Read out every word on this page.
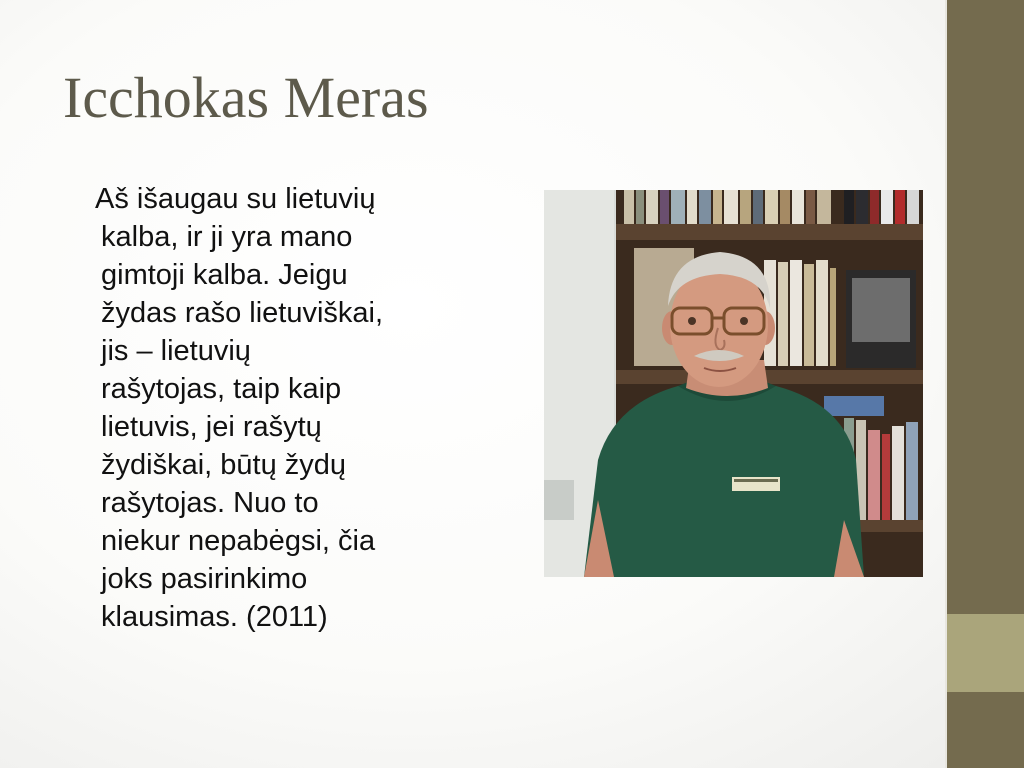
Icchokas Meras
Aš išaugau su lietuvių
kalba, ir ji yra mano
gimtoji kalba. Jeigu
žydas rašo lietuviškai,
jis – lietuvių
rašytojas, taip kaip
lietuvis, jei rašytų
žydiškai, būtų žydų
rašytojas. Nuo to
niekur nepabėgsi, čia
joks pasirinkimo
klausimas. (2011)
